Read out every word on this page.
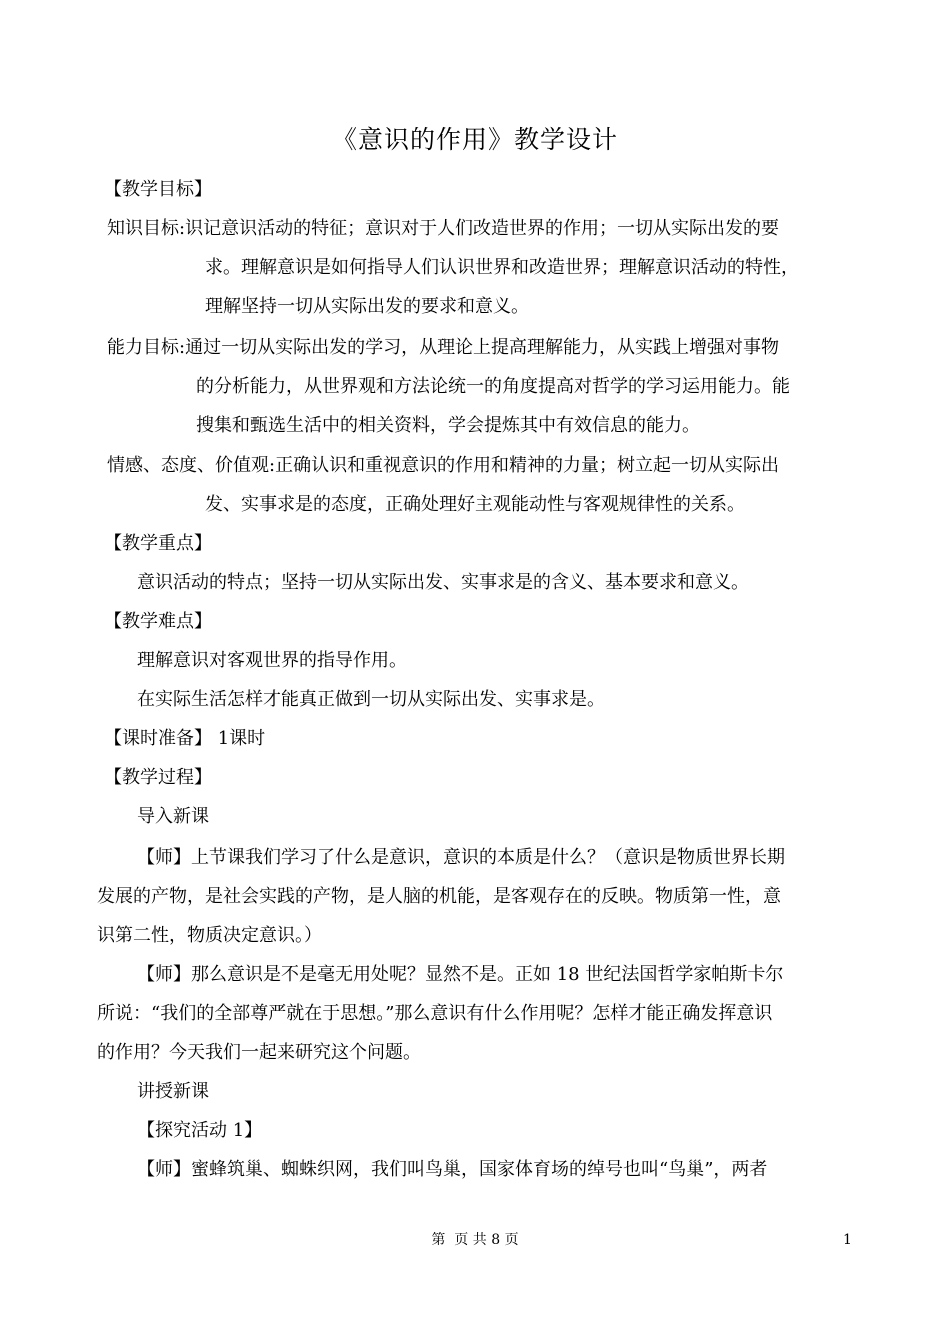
《意识的作用》教学设计
【教学目标】
知识目标:识记意识活动的特征；意识对于人们改造世界的作用；一切从实际出发的要
求。理解意识是如何指导人们认识世界和改造世界；理解意识活动的特性，
理解坚持一切从实际出发的要求和意义。
能力目标:通过一切从实际出发的学习，从理论上提高理解能力，从实践上增强对事物
的分析能力，从世界观和方法论统一的角度提高对哲学的学习运用能力。能
搜集和甄选生活中的相关资料，学会提炼其中有效信息的能力。
情感、态度、价值观:正确认识和重视意识的作用和精神的力量；树立起一切从实际出
发、实事求是的态度，正确处理好主观能动性与客观规律性的关系。
【教学重点】
意识活动的特点；坚持一切从实际出发、实事求是的含义、基本要求和意义。
【教学难点】
理解意识对客观世界的指导作用。
在实际生活怎样才能真正做到一切从实际出发、实事求是。
【课时准备】 1课时
【教学过程】
导入新课
【师】上节课我们学习了什么是意识，意识的本质是什么？（意识是物质世界长期
发展的产物，是社会实践的产物，是人脑的机能，是客观存在的反映。物质第一性，意
识第二性，物质决定意识。）
【师】那么意识是不是毫无用处呢？显然不是。正如 18 世纪法国哲学家帕斯卡尔
所说：“我们的全部尊严就在于思想。”那么意识有什么作用呢？怎样才能正确发挥意识
的作用？今天我们一起来研究这个问题。
讲授新课
【探究活动 1】
【师】蜜蜂筑巢、蜘蛛织网，我们叫鸟巢，国家体育场的绰号也叫“鸟巢”，两者
第  页 共 8 页	1
